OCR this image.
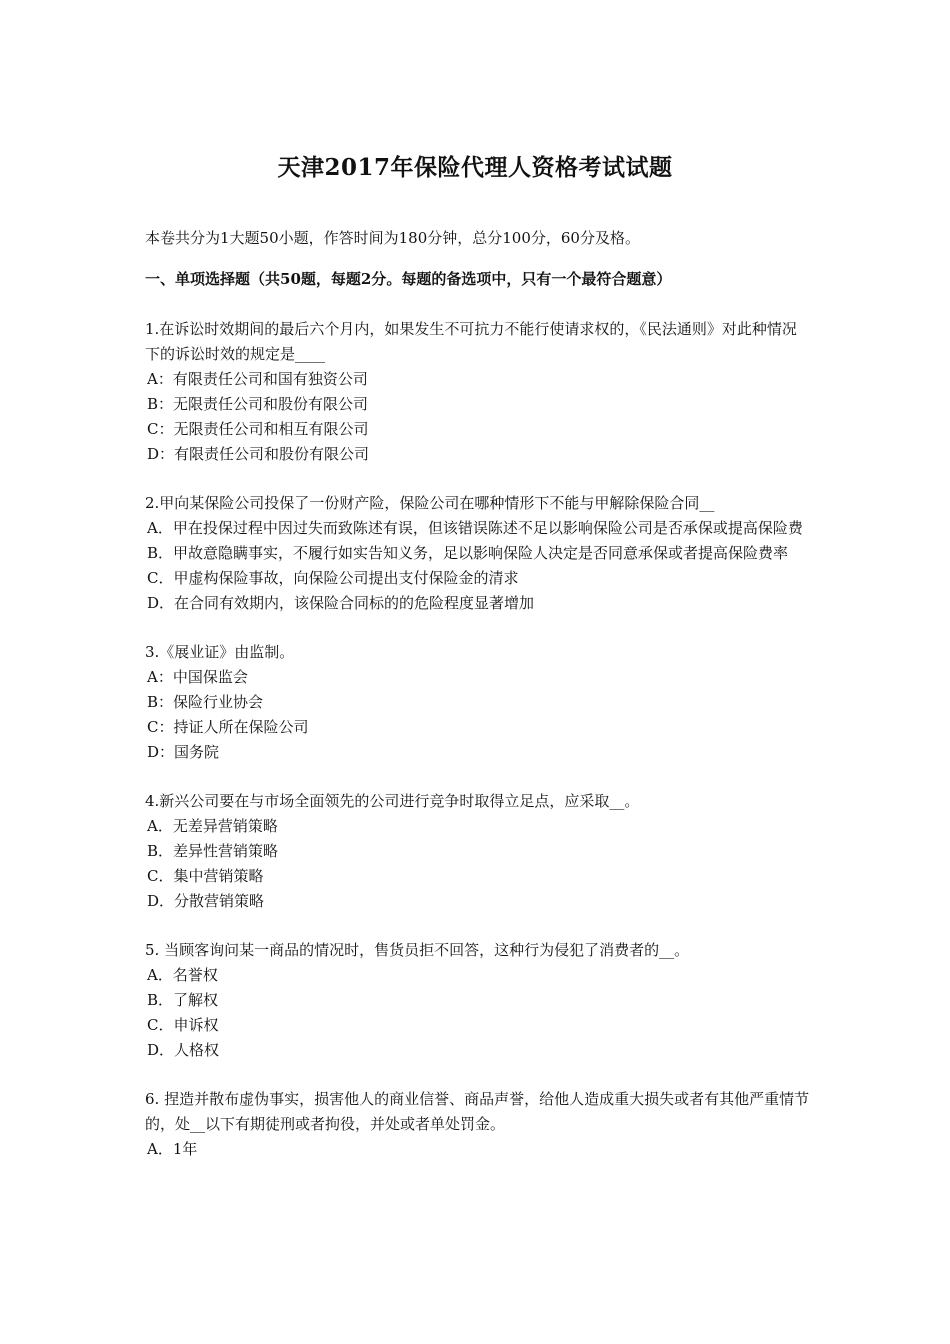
天津2017年保险代理人资格考试试题

本卷共分为1大题50小题，作答时间为180分钟，总分100分，60分及格。

一、单项选择题（共50题，每题2分。每题的备选项中，只有一个最符合题意）

1.在诉讼时效期间的最后六个月内，如果发生不可抗力不能行使请求权的，《民法通则》对此种情况下的诉讼时效的规定是____

A：有限责任公司和国有独资公司

B：无限责任公司和股份有限公司

C：无限责任公司和相互有限公司

D：有限责任公司和股份有限公司

2.甲向某保险公司投保了一份财产险，保险公司在哪种情形下不能与甲解除保险合同__

A．甲在投保过程中因过失而致陈述有误，但该错误陈述不足以影响保险公司是否承保或提高保险费

B．甲故意隐瞒事实，不履行如实告知义务，足以影响保险人决定是否同意承保或者提高保险费率

C．甲虚构保险事故，向保险公司提出支付保险金的清求

D．在合同有效期内，该保险合同标的的危险程度显著增加

3.《展业证》由监制。

A：中国保监会

B：保险行业协会

C：持证人所在保险公司

D：国务院

4.新兴公司要在与市场全面领先的公司进行竞争时取得立足点，应采取__。

A．无差异营销策略

B．差异性营销策略

C．集中营销策略

D．分散营销策略

5. 当顾客询问某一商品的情况时，售货员拒不回答，这种行为侵犯了消费者的__。

A．名誉权

B．了解权

C．申诉权

D．人格权

6. 捏造并散布虚伪事实，损害他人的商业信誉、商品声誉，给他人造成重大损失或者有其他严重情节的，处__以下有期徒刑或者拘役，并处或者单处罚金。

A．1年
